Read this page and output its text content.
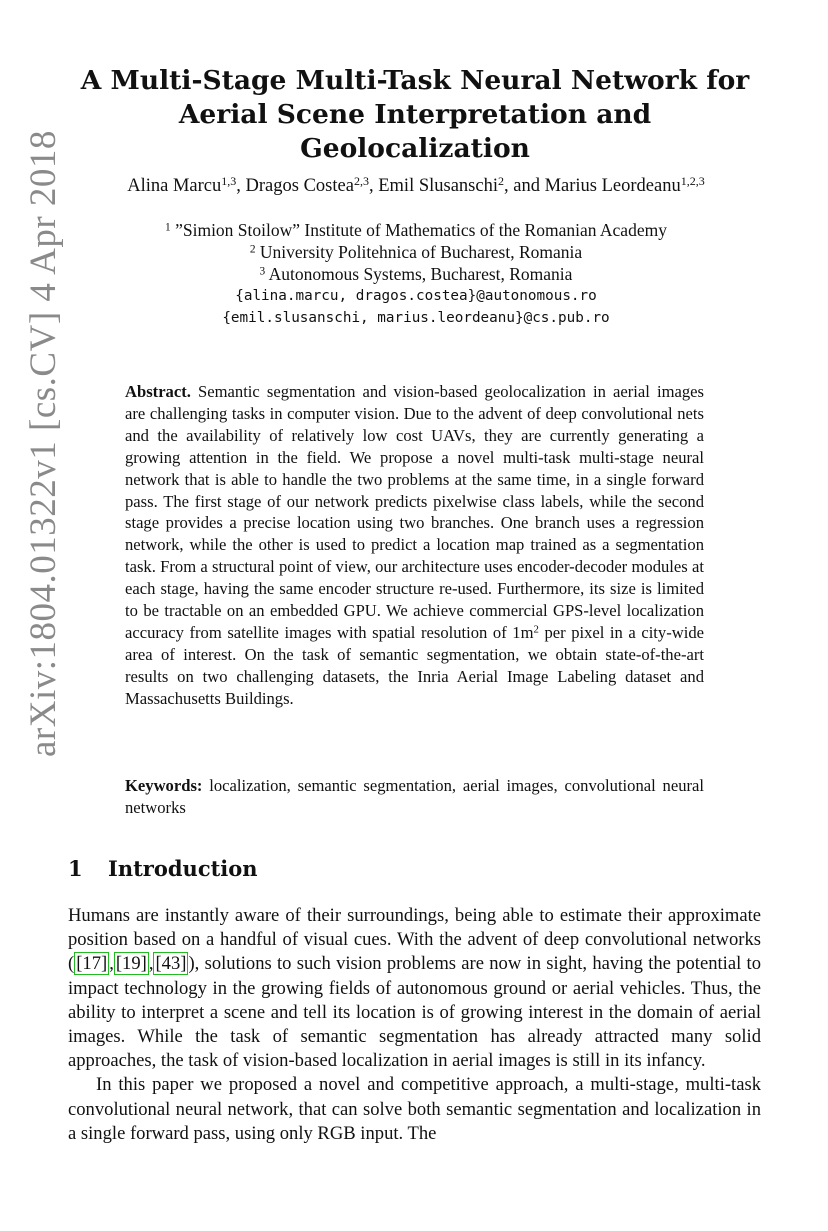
arXiv:1804.01322v1 [cs.CV] 4 Apr 2018
A Multi-Stage Multi-Task Neural Network for
Aerial Scene Interpretation and Geolocalization
Alina Marcu$^{1,3}$, Dragos Costea$^{2,3}$, Emil Slusanschi$^2$, and Marius Leordeanu$^{1,2,3}$
$^1$ ”Simion Stoilow” Institute of Mathematics of the Romanian Academy
$^2$ University Politehnica of Bucharest, Romania
$^3$ Autonomous Systems, Bucharest, Romania
{alina.marcu, dragos.costea}@autonomous.ro
{emil.slusanschi, marius.leordeanu}@cs.pub.ro
Abstract. Semantic segmentation and vision-based geolocalization in aerial images are challenging tasks in computer vision. Due to the advent of deep convolutional nets and the availability of relatively low cost UAVs, they are currently generating a growing attention in the field. We propose a novel multi-task multi-stage neural network that is able to handle the two problems at the same time, in a single forward pass. The first stage of our network predicts pixelwise class labels, while the second stage provides a precise location using two branches. One branch uses a regression network, while the other is used to predict a location map trained as a segmentation task. From a structural point of view, our architecture uses encoder-decoder modules at each stage, having the same encoder structure re-used. Furthermore, its size is limited to be tractable on an embedded GPU. We achieve commercial GPS-level localization accuracy from satellite images with spatial resolution of $1m^2$ per pixel in a city-wide area of interest. On the task of semantic segmentation, we obtain state-of-the-art results on two challenging datasets, the Inria Aerial Image Labeling dataset and Massachusetts Buildings.
Keywords: localization, semantic segmentation, aerial images, convolutional neural networks
1 Introduction

Humans are instantly aware of their surroundings, being able to estimate their approximate position based on a handful of visual cues. With the advent of deep convolutional networks ( [17] , [19] , [43] ), solutions to such vision problems are now in sight, having the potential to impact technology in the growing fields of autonomous ground or aerial vehicles. Thus, the ability to interpret a scene and tell its location is of growing interest in the domain of aerial images. While the task of semantic segmentation has already attracted many solid approaches, the task of vision-based localization in aerial images is still in its infancy.

In this paper we proposed a novel and competitive approach, a multi-stage, multi-task convolutional neural network, that can solve both semantic segmentation and localization in a single forward pass, using only RGB input. The
